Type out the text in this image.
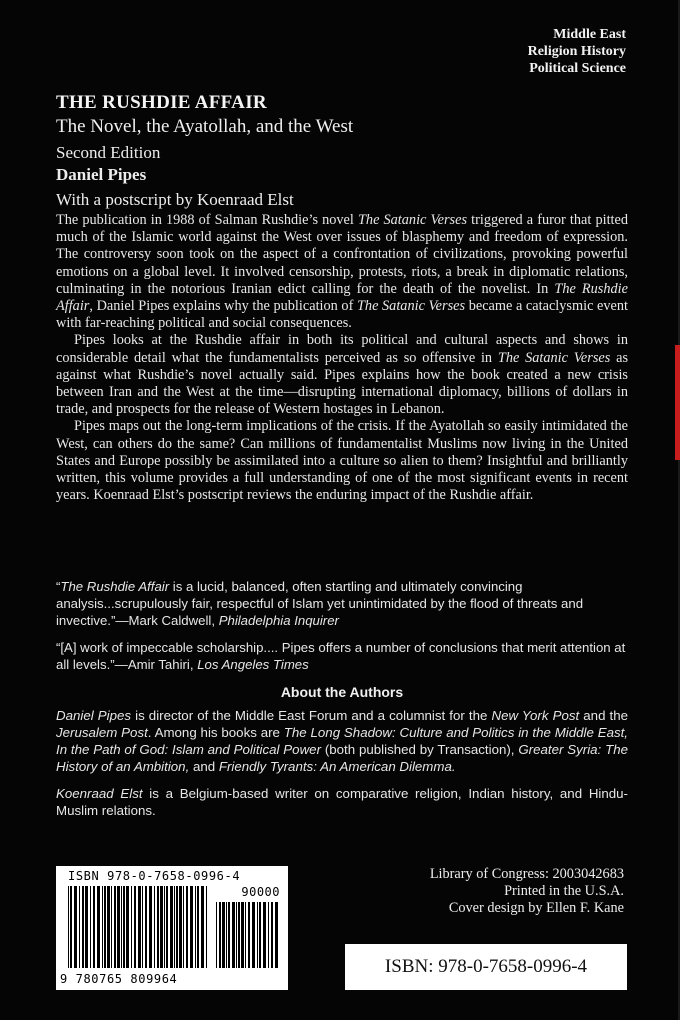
Middle East
Religion History
Political Science
THE RUSHDIE AFFAIR
The Novel, the Ayatollah, and the West
Second Edition
Daniel Pipes
With a postscript by Koenraad Elst

The publication in 1988 of Salman Rushdie’s novel The Satanic Verses triggered a furor that pitted much of the Islamic world against the West over issues of blasphemy and freedom of expression. The controversy soon took on the aspect of a confrontation of civilizations, provoking powerful emotions on a global level. It involved censorship, protests, riots, a break in diplomatic relations, culminating in the notorious Iranian edict calling for the death of the novelist. In The Rushdie Affair, Daniel Pipes explains why the publication of The Satanic Verses became a cataclysmic event with far-reaching political and social consequences.

Pipes looks at the Rushdie affair in both its political and cultural aspects and shows in considerable detail what the fundamentalists perceived as so offensive in The Satanic Verses as against what Rushdie’s novel actually said. Pipes explains how the book created a new crisis between Iran and the West at the time—disrupting international diplomacy, billions of dollars in trade, and prospects for the release of Western hostages in Lebanon.

Pipes maps out the long-term implications of the crisis. If the Ayatollah so easily intimidated the West, can others do the same? Can millions of fundamentalist Muslims now living in the United States and Europe possibly be assimilated into a culture so alien to them? Insightful and brilliantly written, this volume provides a full understanding of one of the most significant events in recent years. Koenraad Elst’s postscript reviews the enduring impact of the Rushdie affair.

“The Rushdie Affair is a lucid, balanced, often startling and ultimately convincing analysis...scrupulously fair, respectful of Islam yet unintimidated by the flood of threats and invective.”—Mark Caldwell, Philadelphia Inquirer

“[A] work of impeccable scholarship.... Pipes offers a number of conclusions that merit attention at all levels.”—Amir Tahiri, Los Angeles Times

About the Authors

Daniel Pipes is director of the Middle East Forum and a columnist for the New York Post and the Jerusalem Post. Among his books are The Long Shadow: Culture and Politics in the Middle East, In the Path of God: Islam and Political Power (both published by Transaction), Greater Syria: The History of an Ambition, and Friendly Tyrants: An American Dilemma.

Koenraad Elst is a Belgium-based writer on comparative religion, Indian history, and Hindu-Muslim relations.

ISBN 978-0-7658-0996-4
90000
9 780765 809964
Library of Congress: 2003042683
Printed in the U.S.A.
Cover design by Ellen F. Kane
ISBN: 978-0-7658-0996-4
